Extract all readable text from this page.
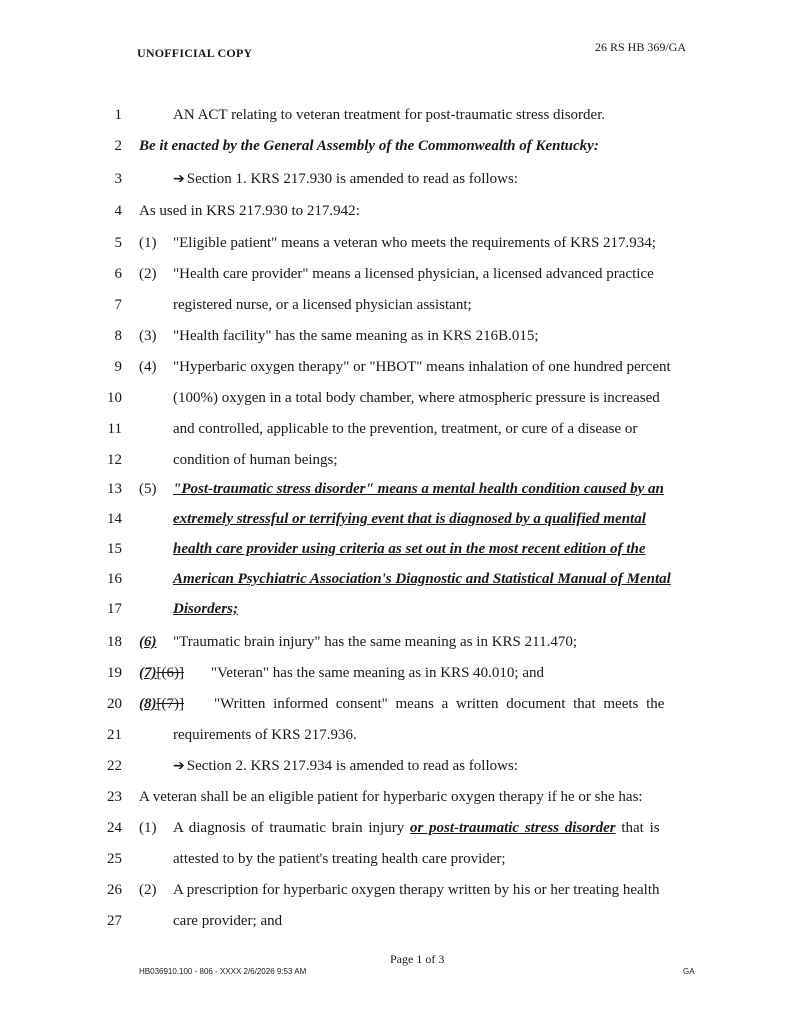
UNOFFICIAL COPY	26 RS HB 369/GA
1	AN ACT relating to veteran treatment for post-traumatic stress disorder.
2 Be it enacted by the General Assembly of the Commonwealth of Kentucky:
3	➔ Section 1. KRS 217.930 is amended to read as follows:
4 As used in KRS 217.930 to 217.942:
5 (1) "Eligible patient" means a veteran who meets the requirements of KRS 217.934;
6 (2) "Health care provider" means a licensed physician, a licensed advanced practice
7	registered nurse, or a licensed physician assistant;
8 (3) "Health facility" has the same meaning as in KRS 216B.015;
9 (4) "Hyperbaric oxygen therapy" or "HBOT" means inhalation of one hundred percent
10	(100%) oxygen in a total body chamber, where atmospheric pressure is increased
11	and controlled, applicable to the prevention, treatment, or cure of a disease or
12	condition of human beings;
13 (5) "Post-traumatic stress disorder" means a mental health condition caused by an
14	extremely stressful or terrifying event that is diagnosed by a qualified mental
15	health care provider using criteria as set out in the most recent edition of the
16	American Psychiatric Association's Diagnostic and Statistical Manual of Mental
17	Disorders;
18 (6) "Traumatic brain injury" has the same meaning as in KRS 211.470;
19 (7)[(6)] "Veteran" has the same meaning as in KRS 40.010; and
20 (8)[(7)] "Written informed consent" means a written document that meets the
21	requirements of KRS 217.936.
22	➔ Section 2. KRS 217.934 is amended to read as follows:
23 A veteran shall be an eligible patient for hyperbaric oxygen therapy if he or she has:
24 (1) A diagnosis of traumatic brain injury or post-traumatic stress disorder that is
25	attested to by the patient's treating health care provider;
26 (2) A prescription for hyperbaric oxygen therapy written by his or her treating health
27	care provider; and
Page 1 of 3
HB036910.100 - 806 - XXXX 2/6/2026 9:53 AM	GA
